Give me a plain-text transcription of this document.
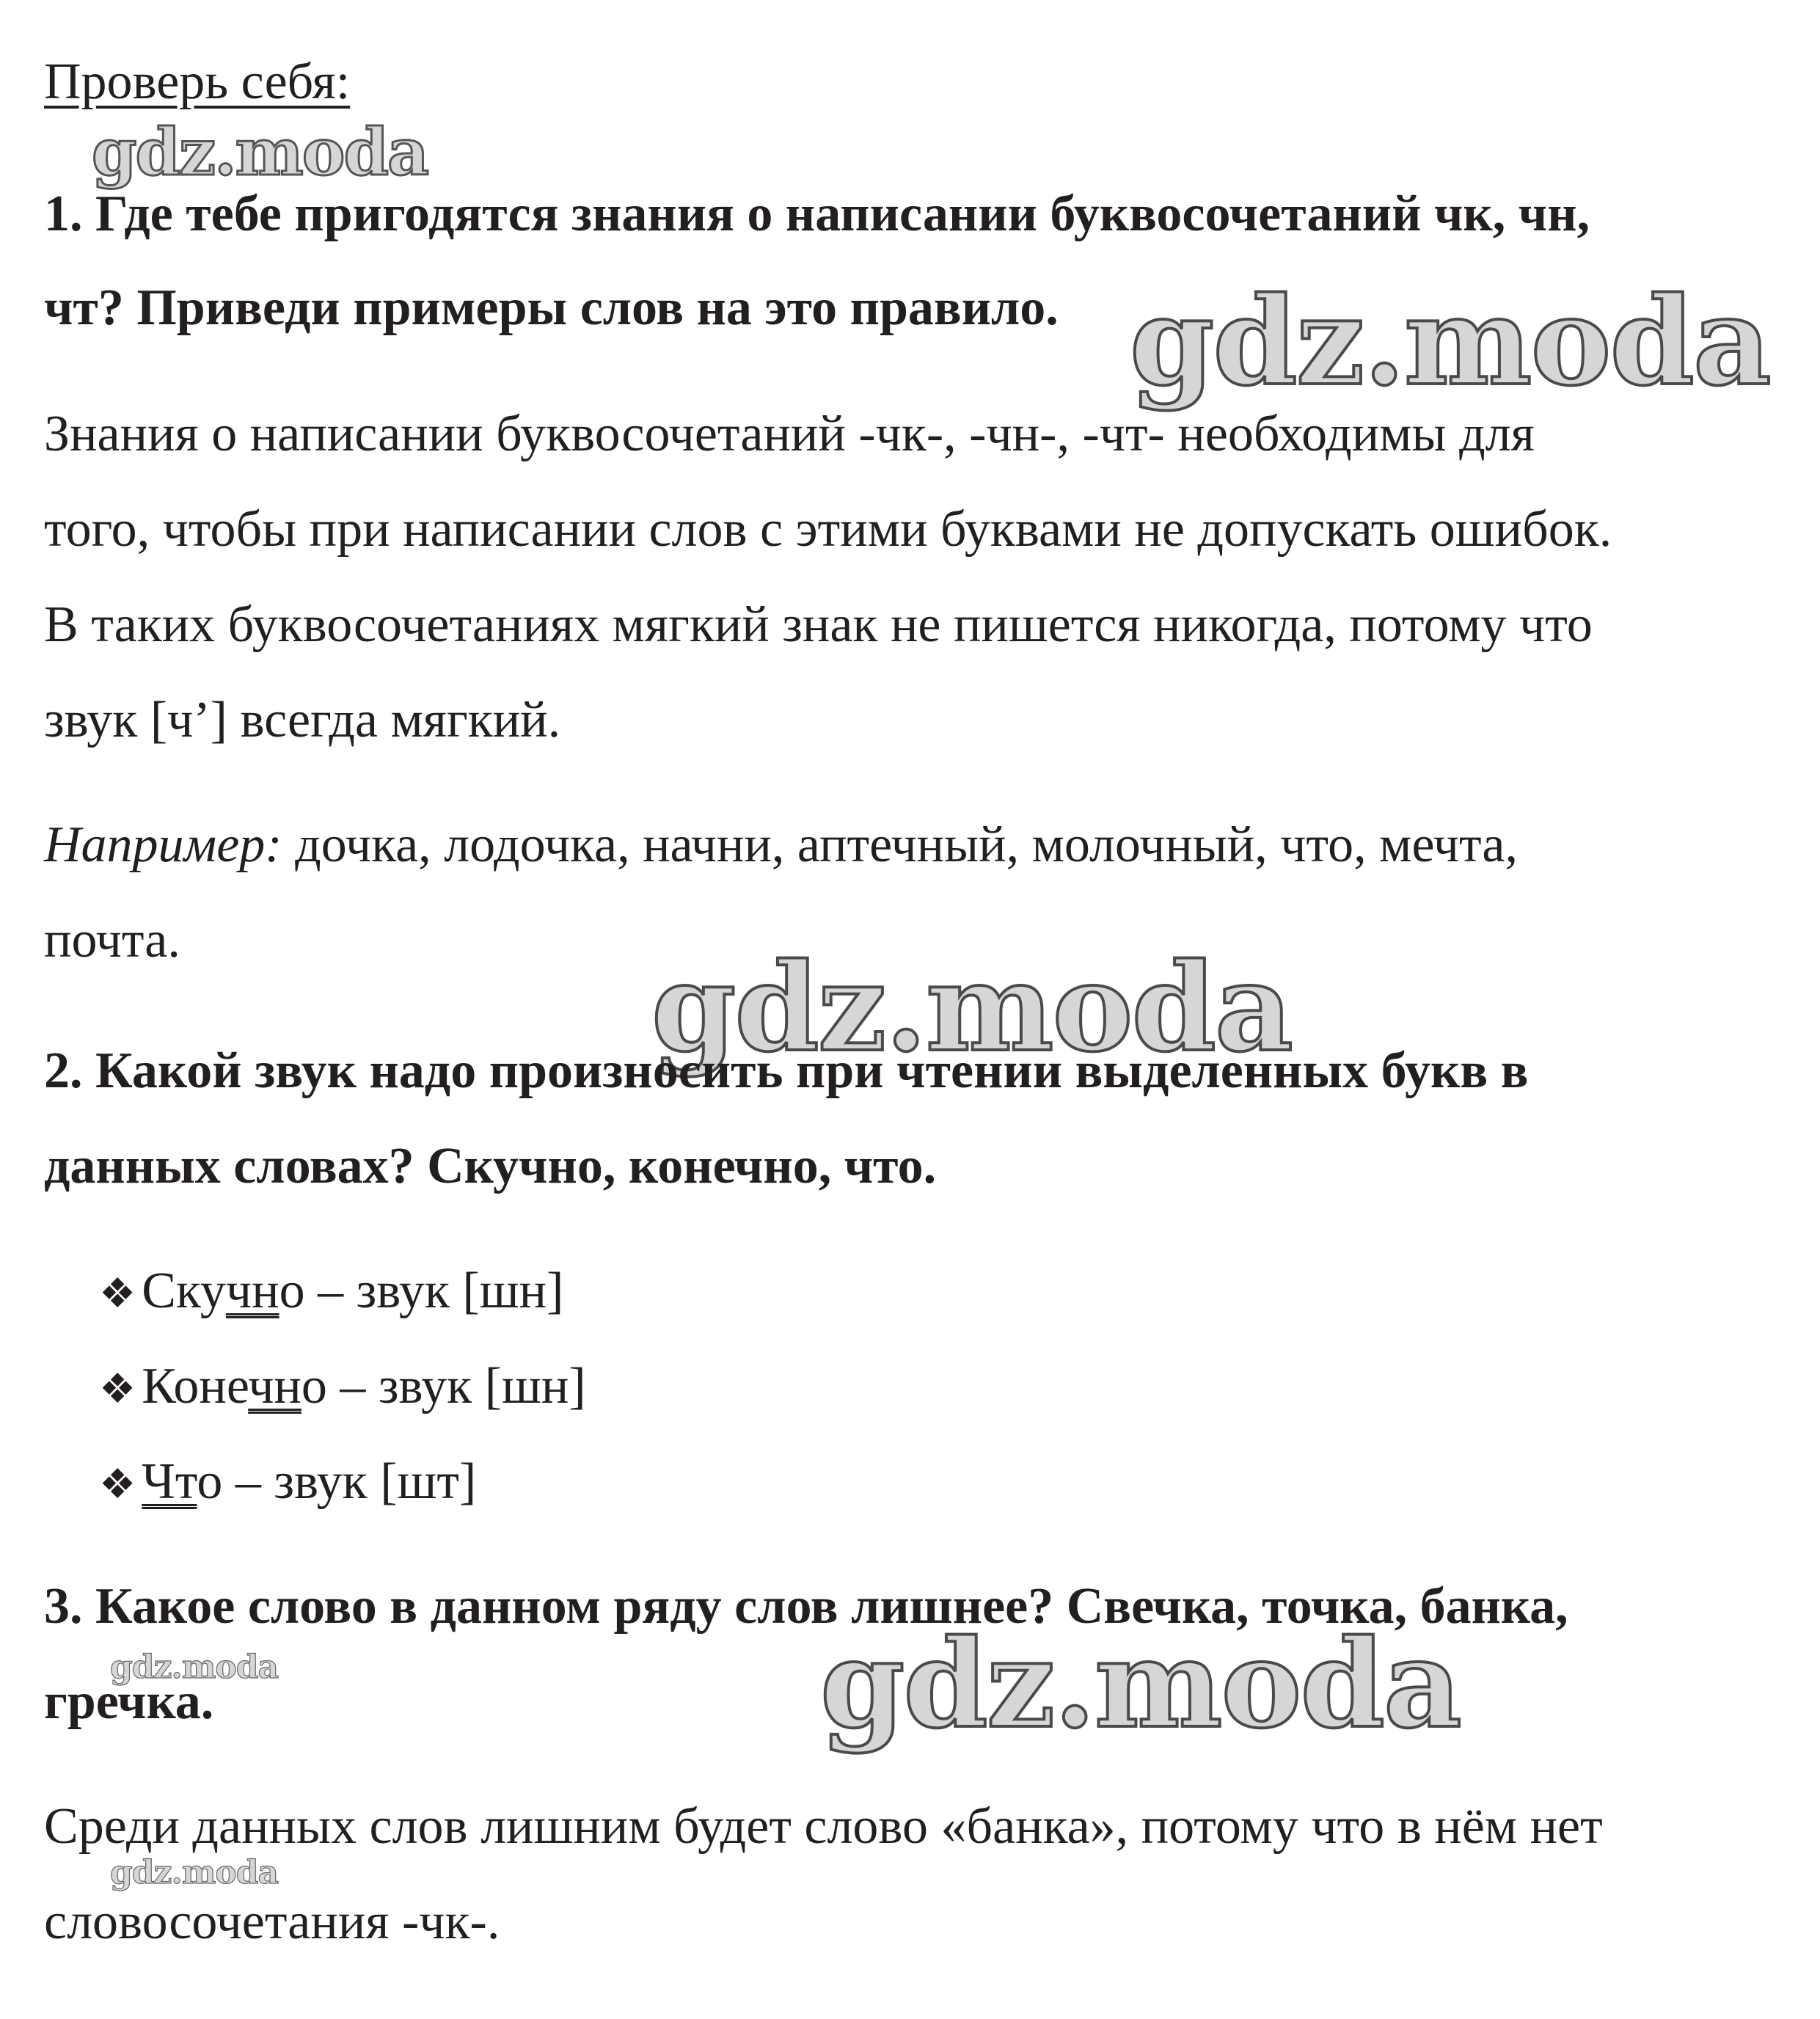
Проверь себя:
gdz.moda
1. Где тебе пригодятся знания о написании буквосочетаний чк, чн,
чт? Приведи примеры слов на это правило. gdz.moda
Знания о написании буквосочетаний -чк-, -чн-, -чт- необходимы для
того, чтобы при написании слов с этими буквами не допускать ошибок.
В таких буквосочетаниях мягкий знак не пишется никогда, потому что
звук [ч’] всегда мягкий.
Например: дочка, лодочка, начни, аптечный, молочный, что, мечта,
почта.	gdz.moda
2. Какой звук надо произносить при чтении выделенных букв в
данных словах? Скучно, конечно, что.
❖ Скучно – звук [шн]
❖ Конечно – звук [шн]
❖ Что – звук [шт]
3. Какое слово в данном ряду слов лишнее? Свечка, точка, банка,
gdz.moda	gdz.moda
гречка.
Среди данных слов лишним будет слово «банка», потому что в нём нет
gdz.moda
словосочетания -чк-.
